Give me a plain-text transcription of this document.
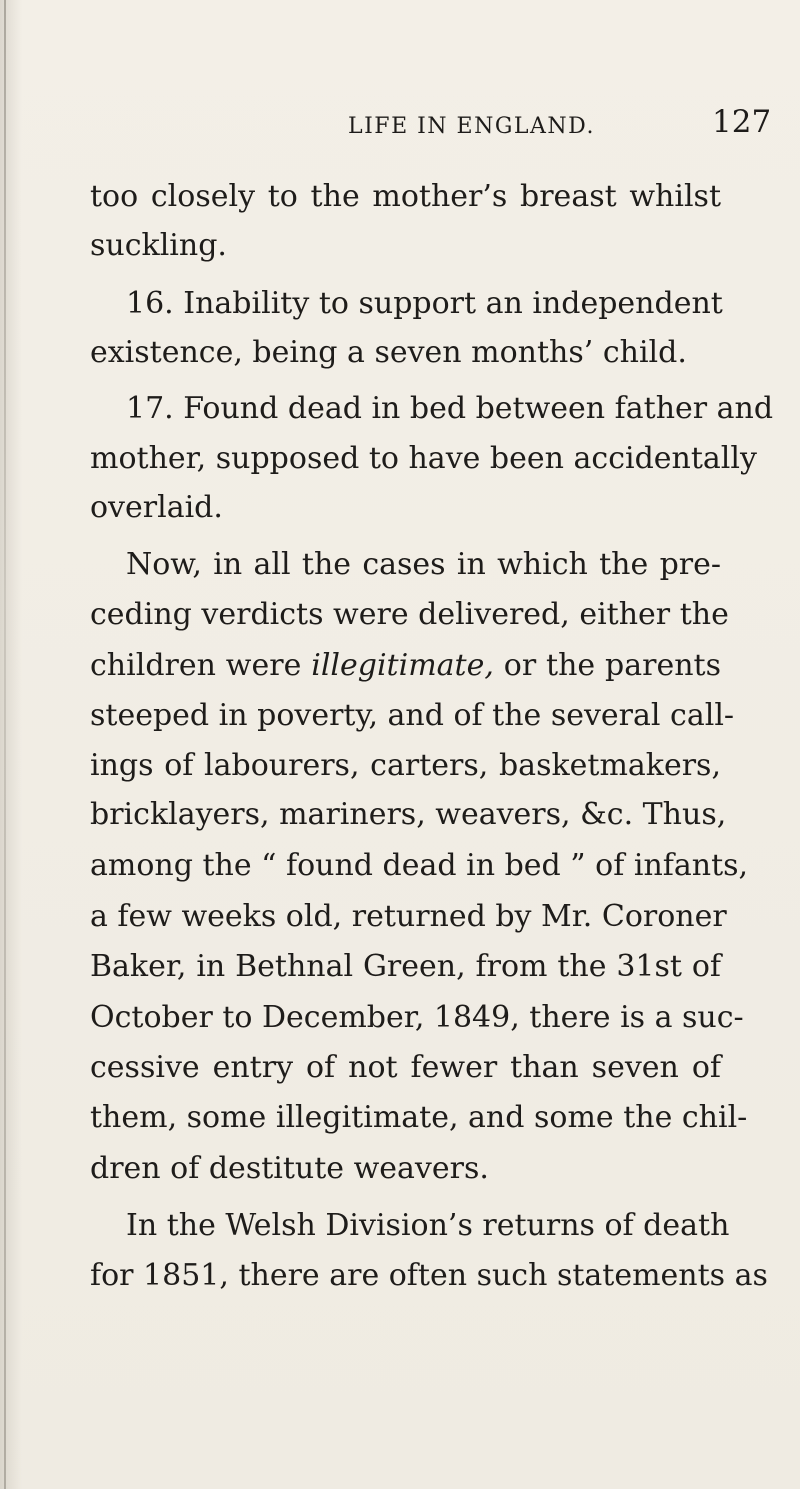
LIFE IN ENGLAND.	127
too closely to the mother’s breast whilst
suckling.
16. Inability to support an independent
existence, being a seven months’ child.
17. Found dead in bed between father and
mother, supposed to have been accidentally
overlaid.
Now, in all the cases in which the pre-
ceding verdicts were delivered, either the
children were illegitimate, or the parents
steeped in poverty, and of the several call-
ings of labourers, carters, basketmakers,
bricklayers, mariners, weavers, &c. Thus,
among the “ found dead in bed ” of infants,
a few weeks old, returned by Mr. Coroner
Baker, in Bethnal Green, from the 31st of
October to December, 1849, there is a suc-
cessive entry of not fewer than seven of
them, some illegitimate, and some the chil-
dren of destitute weavers.
In the Welsh Division’s returns of death
for 1851, there are often such statements as
